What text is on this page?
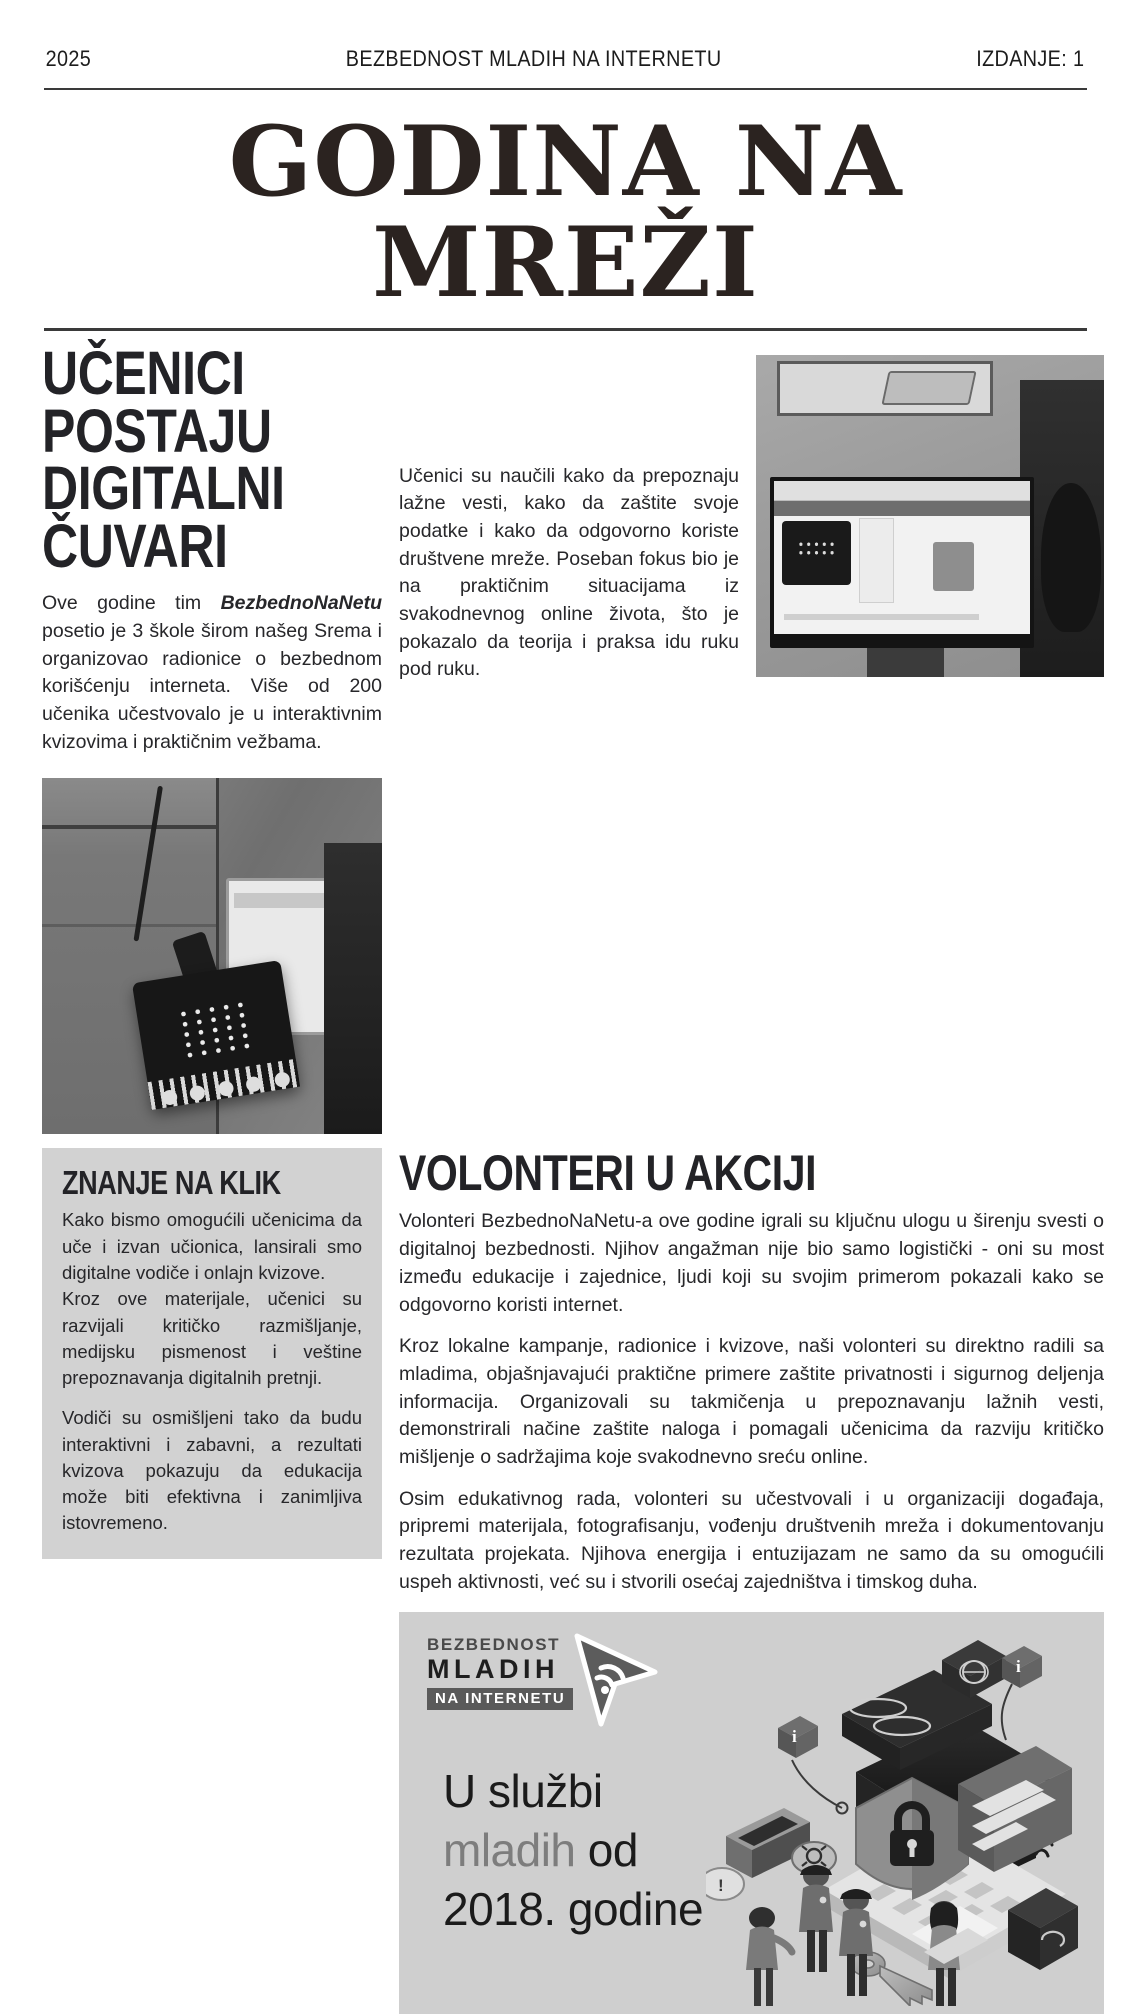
2025	BEZBEDNOST MLADIH NA INTERNETU	IZDANJE: 1
GODINA NA MREŽI
UČENICI POSTAJU DIGITALNI ČUVARI

Ove godine tim BezbednoNaNetu posetio je 3 škole širom našeg Srema i organizovao radionice o bezbednom korišćenju interneta. Više od 200 učenika učestvovalo je u interaktivnim kvizovima i praktičnim vežbama.

Učenici su naučili kako da prepoznaju lažne vesti, kako da zaštite svoje podatke i kako da odgovorno koriste društvene mreže. Poseban fokus bio je na praktičnim situacijama iz svakodnevnog online života, što je pokazalo da teorija i praksa idu ruku pod ruku.

ZNANJE NA KLIK

Kako bismo omogućili učenicima da uče i izvan učionica, lansirali smo digitalne vodiče i onlajn kvizove.

Kroz ove materijale, učenici su razvijali kritičko razmišljanje, medijsku pismenost i veštine prepoznavanja digitalnih pretnji.

Vodiči su osmišljeni tako da budu interaktivni i zabavni, a rezultati kvizova pokazuju da edukacija može biti efektivna i zanimljiva istovremeno.

VOLONTERI U AKCIJI

Volonteri BezbednoNaNetu-a ove godine igrali su ključnu ulogu u širenju svesti o digitalnoj bezbednosti. Njihov angažman nije bio samo logistički - oni su most između edukacije i zajednice, ljudi koji su svojim primerom pokazali kako se odgovorno koristi internet.

Kroz lokalne kampanje, radionice i kvizove, naši volonteri su direktno radili sa mladima, objašnjavajući praktične primere zaštite privatnosti i sigurnog deljenja informacija. Organizovali su takmičenja u prepoznavanju lažnih vesti, demonstrirali načine zaštite naloga i pomagali učenicima da razviju kritičko mišljenje o sadržajima koje svakodnevno sreću online.

Osim edukativnog rada, volonteri su učestvovali i u organizaciji događaja, pripremi materijala, fotografisanju, vođenju društvenih mreža i dokumentovanju rezultata projekata. Njihova energija i entuzijazam ne samo da su omogućili uspeh aktivnosti, već su i stvorili osećaj zajedništva i timskog duha.

BEZBEDNOST
MLADIH
NA INTERNETU
U službi
mladih od
2018. godine
i
i
!
